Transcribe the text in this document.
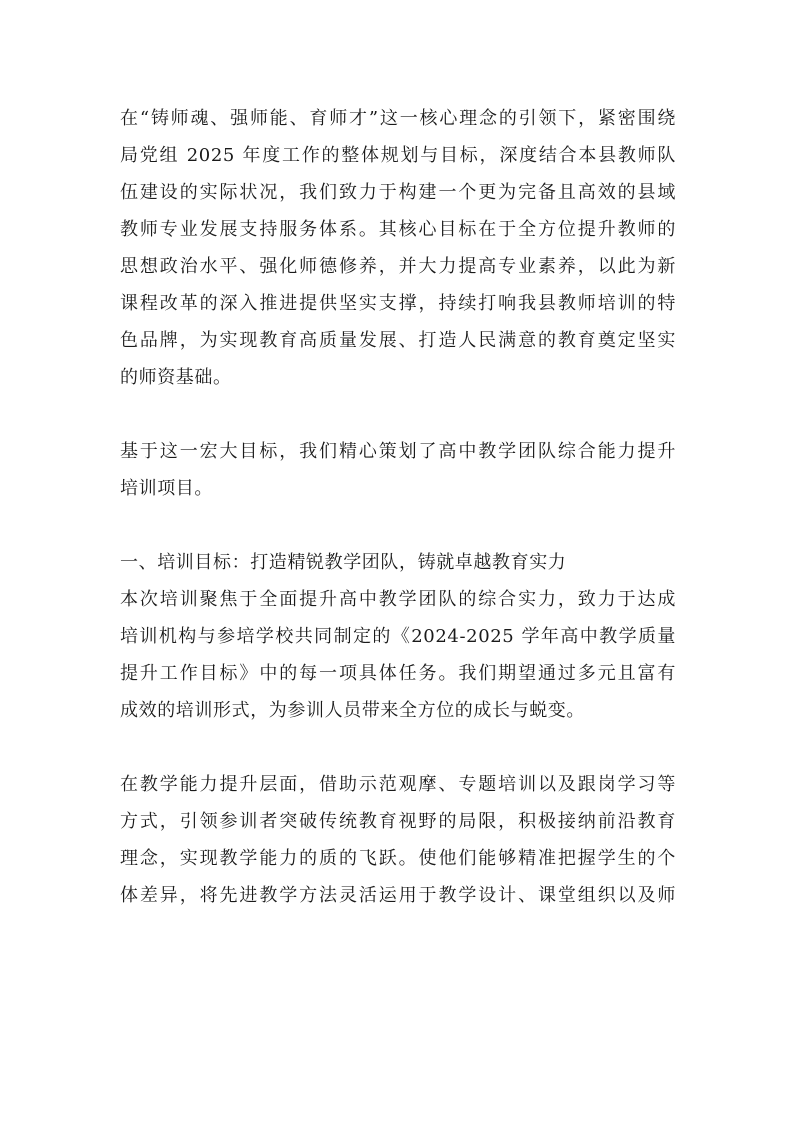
在“铸师魂、强师能、育师才”这一核心理念的引领下，紧密围绕
局党组 2025 年度工作的整体规划与目标，深度结合本县教师队
伍建设的实际状况，我们致力于构建一个更为完备且高效的县域
教师专业发展支持服务体系。其核心目标在于全方位提升教师的
思想政治水平、强化师德修养，并大力提高专业素养，以此为新
课程改革的深入推进提供坚实支撑，持续打响我县教师培训的特
色品牌，为实现教育高质量发展、打造人民满意的教育奠定坚实
的师资基础。
基于这一宏大目标，我们精心策划了高中教学团队综合能力提升
培训项目。
一、培训目标：打造精锐教学团队，铸就卓越教育实力
本次培训聚焦于全面提升高中教学团队的综合实力，致力于达成
培训机构与参培学校共同制定的《2024-2025 学年高中教学质量
提升工作目标》中的每一项具体任务。我们期望通过多元且富有
成效的培训形式，为参训人员带来全方位的成长与蜕变。
在教学能力提升层面，借助示范观摩、专题培训以及跟岗学习等
方式，引领参训者突破传统教育视野的局限，积极接纳前沿教育
理念，实现教学能力的质的飞跃。使他们能够精准把握学生的个
体差异，将先进教学方法灵活运用于教学设计、课堂组织以及师
